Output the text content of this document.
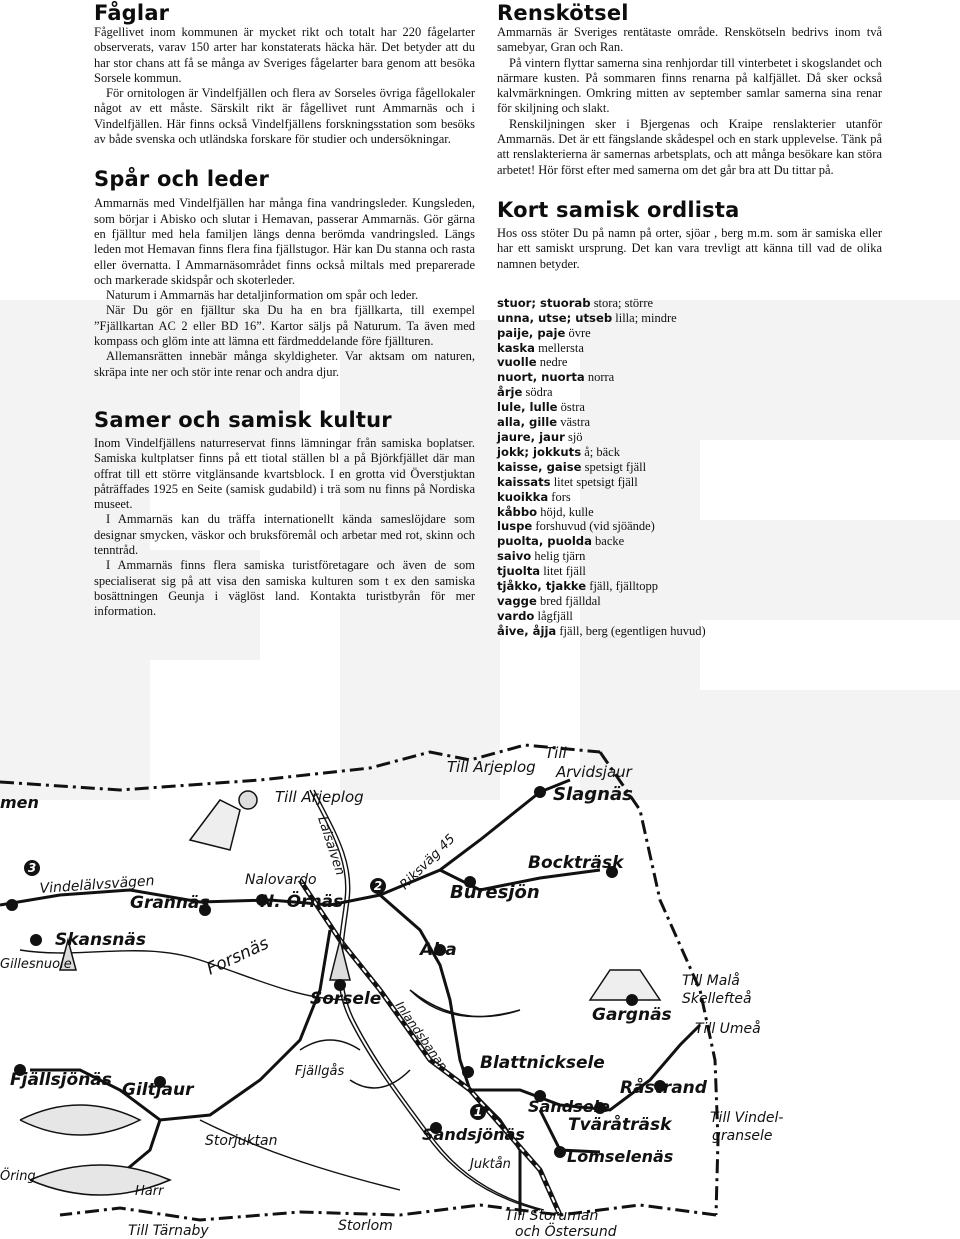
Fåglar

Fågellivet inom kommunen är mycket rikt och totalt har 220 fågelarter observerats, varav 150 arter har konstaterats häcka här. Det betyder att du har stor chans att få se många av Sveriges fågelarter bara genom att besöka Sorsele kommun.

För ornitologen är Vindelfjällen och flera av Sorseles övriga fågellokaler något av ett måste. Särskilt rikt är fågellivet runt Ammarnäs och i Vindelfjällen. Här finns också Vindelfjällens forskningsstation som besöks av både svenska och utländska forskare för studier och undersökningar.

Spår och leder

Ammarnäs med Vindelfjällen har många fina vandringsleder. Kungsleden, som börjar i Abisko och slutar i Hemavan, passerar Ammarnäs. Gör gärna en fjälltur med hela familjen längs denna berömda vandringsled. Längs leden mot Hemavan finns flera fina fjällstugor. Här kan Du stanna och rasta eller övernatta. I Ammarnäsområdet finns också miltals med preparerade och markerade skidspår och skoterleder.

Naturum i Ammarnäs har detaljinformation om spår och leder.

När Du gör en fjälltur ska Du ha en bra fjällkarta, till exempel ”Fjällkartan AC 2 eller BD 16”. Kartor säljs på Naturum. Ta även med kompass och glöm inte att lämna ett färdmeddelande före fjällturen.

Allemansrätten innebär många skyldigheter. Var aktsam om naturen, skräpa inte ner och stör inte renar och andra djur.

Samer och samisk kultur

Inom Vindelfjällens naturreservat finns lämningar från samiska boplatser. Samiska kultplatser finns på ett tiotal ställen bl a på Björkfjället där man offrat till ett större vitglänsande kvartsblock. I en grotta vid Överstjuktan påträffades 1925 en Seite (samisk gudabild) i trä som nu finns på Nordiska museet.

I Ammarnäs kan du träffa internationellt kända sameslöjdare som designar smycken, väskor och bruksföremål och arbetar med rot, skinn och tenntråd.

I Ammarnäs finns flera samiska turistföretagare och även de som specialiserat sig på att visa den samiska kulturen som t ex den samiska bosättningen Geunja i väglöst land. Kontakta turistbyrån för mer information.

Renskötsel

Ammarnäs är Sveriges rentätaste område. Renskötseln bedrivs inom två samebyar, Gran och Ran.

På vintern flyttar samerna sina renhjordar till vinterbetet i skogslandet och närmare kusten. På sommaren finns renarna på kalfjället. Då sker också kalvmärkningen. Omkring mitten av september samlar samerna sina renar för skiljning och slakt.

Renskiljningen sker i Bjergenas och Kraipe renslakterier utanför Ammarnäs. Det är ett fängslande skådespel och en stark upplevelse. Tänk på att renslakterierna är samernas arbetsplats, och att många besökare kan störa arbetet! Hör först efter med samerna om det går bra att Du tittar på.

Kort samisk ordlista

Hos oss stöter Du på namn på orter, sjöar , berg m.m. som är samiska eller har ett samiskt ursprung. Det kan vara trevligt att känna till vad de olika namnen betyder.

stuor; stuorab stora; större
unna, utse; utseb lilla; mindre
paije, paje övre
kaska mellersta
vuolle nedre
nuort, nuorta norra
årje södra
lule, lulle östra
alla, gille västra
jaure, jaur sjö
jokk; jokkuts å; bäck
kaisse, gaise spetsigt fjäll
kaissats litet spetsigt fjäll
kuoikka fors
kåbbo höjd, kulle
luspe forshuvud (vid sjöände)
puolta, puolda backe
saivo helig tjärn
tjuolta litet fjäll
tjåkko, tjakke fjäll, fjälltopp
vagge bred fjälldal
vardo lågfjäll
åive, åjja fjäll, berg (egentligen huvud)
3
2
1
Till Arjeplog
Till
Arvidsjaur
Slagnäs
Till Arjeplog
men
Laisälven	Riksväg 45	Bockträsk
Vindelälvsvägen	Nalovardo
Buresjön
Grannäs	N. Örnäs
Skansnäs	Aha
Gillesnuole	Forsnäs
Till Malå
Skellefteå
Sorsele
Gargnäs
Till Umeå
Inlandsbanan
Fjällsjönäs	Fjällgås	Blattnicksele
Giltjaur	Råstrand
Sandsele
Till Vindel-
gransele
Storjuktan	Sandsjönäs	Tväråträsk
Juktån	Lomselenäs
Öring
Harr
Till Storuman
och Östersund
Till Tärnaby	Storlom
